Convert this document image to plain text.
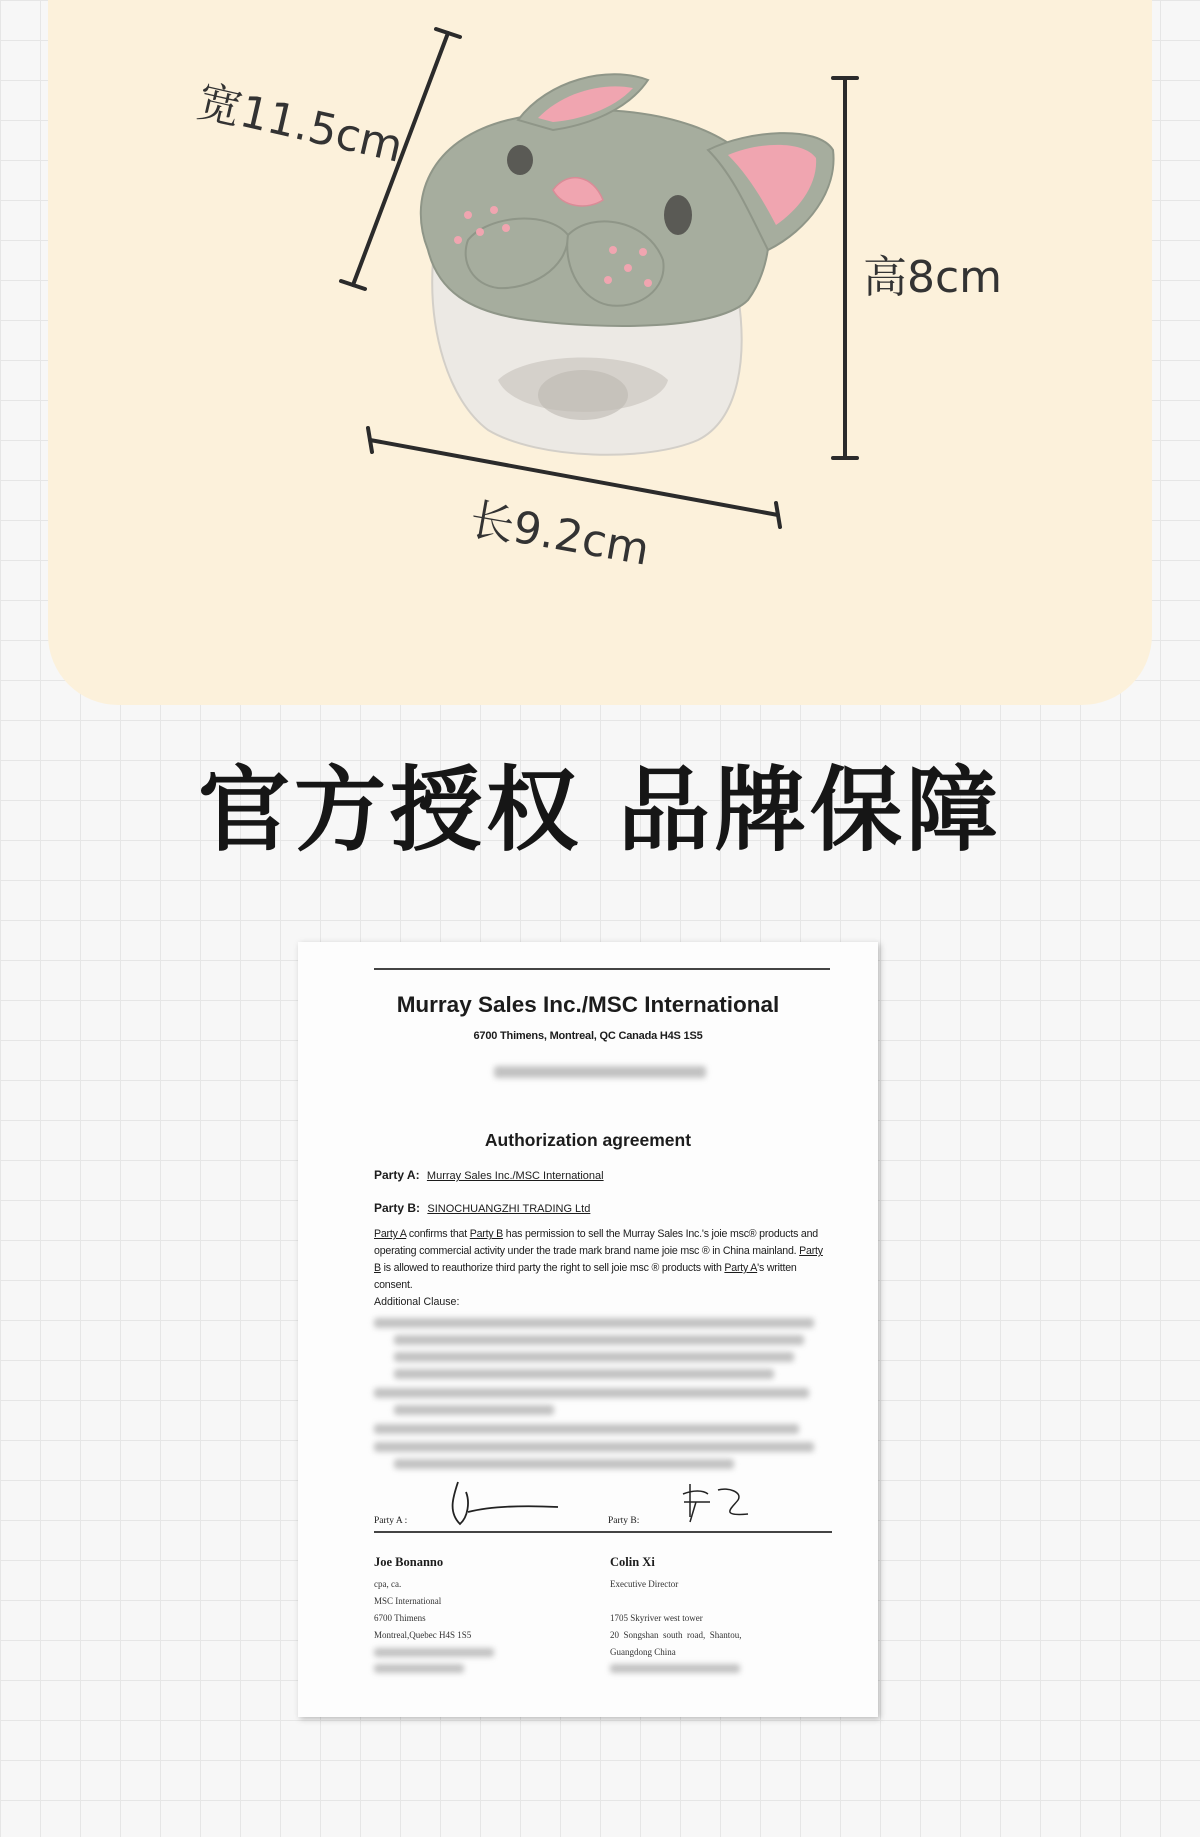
宽11.5cm
高8cm
长9.2cm
官方授权 品牌保障
Murray Sales Inc./MSC International
6700 Thimens, Montreal, QC Canada H4S 1S5
Authorization agreement
Party A: Murray Sales Inc./MSC International
Party B: SINOCHUANGZHI TRADING Ltd
Party A confirms that Party B has permission to sell the Murray Sales Inc.'s joie msc® products and operating commercial activity under the trade mark brand name joie msc ® in China mainland. Party B is allowed to reauthorize third party the right to sell joie msc ® products with Party A's written consent.
Additional Clause:
Party A :	Party B:
Joe Bonanno	Colin Xi
cpa, ca.
MSC International
6700 Thimens
Montreal,Quebec H4S 1S5
Executive Director
1705 Skyriver west tower
20  Songshan  south  road,  Shantou,
Guangdong China
